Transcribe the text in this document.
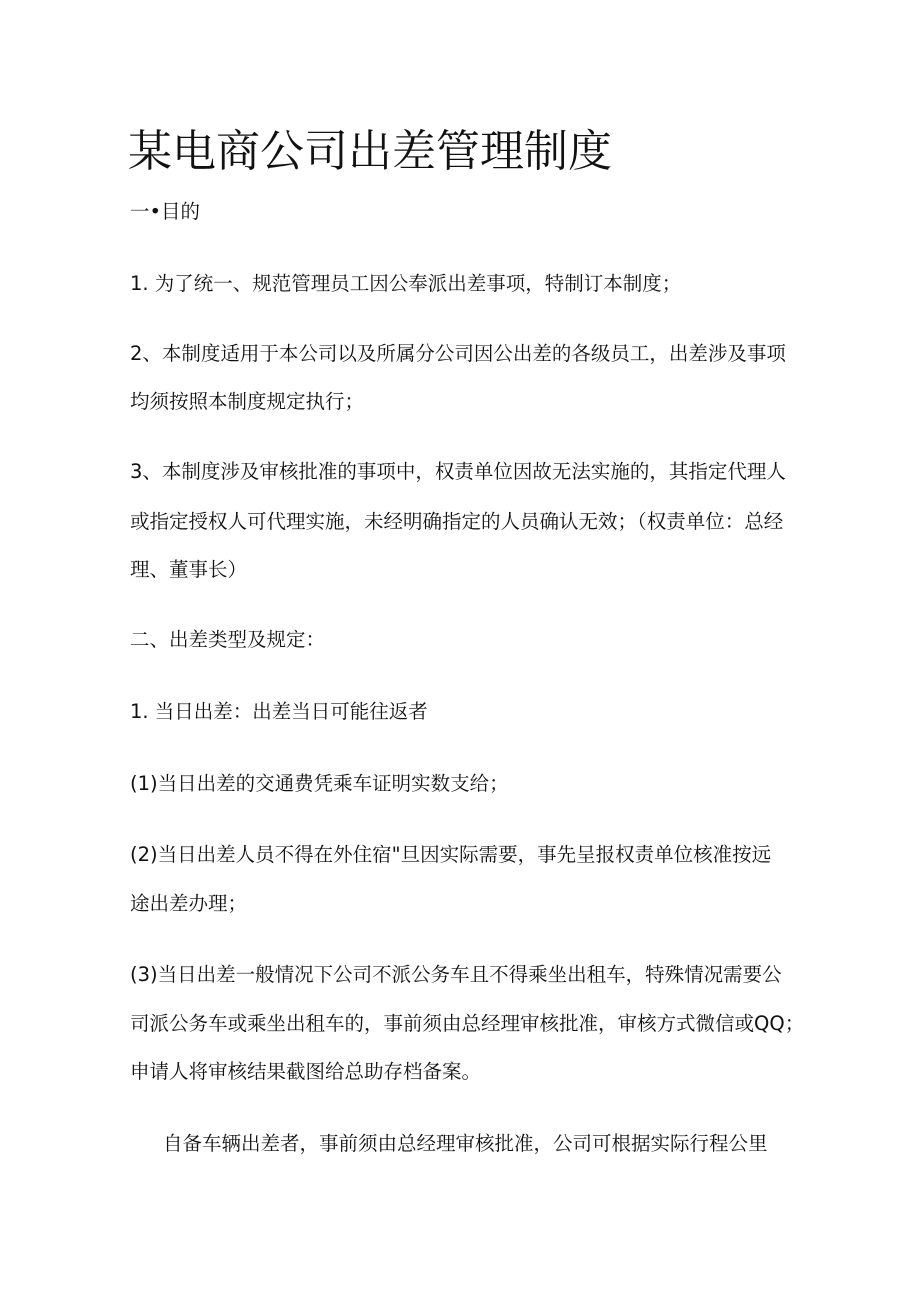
某电商公司出差管理制度

一•目的

1. 为了统一、规范管理员工因公奉派出差事项，特制订本制度；

2、本制度适用于本公司以及所属分公司因公出差的各级员工，出差涉及事项

均须按照本制度规定执行；

3、本制度涉及审核批准的事项中，权责单位因故无法实施的，其指定代理人

或指定授权人可代理实施，未经明确指定的人员确认无效；（权责单位：总经

理、董事长）

二、出差类型及规定：

1. 当日出差：出差当日可能往返者

(1)当日出差的交通费凭乘车证明实数支给；

(2)当日出差人员不得在外住宿"旦因实际需要，事先呈报权责单位核准按远

途出差办理；

(3)当日出差一般情况下公司不派公务车且不得乘坐出租车，特殊情况需要公

司派公务车或乘坐出租车的，事前须由总经理审核批准，审核方式微信或QQ；

申请人将审核结果截图给总助存档备案。

自备车辆出差者，事前须由总经理审核批准，公司可根据实际行程公里
